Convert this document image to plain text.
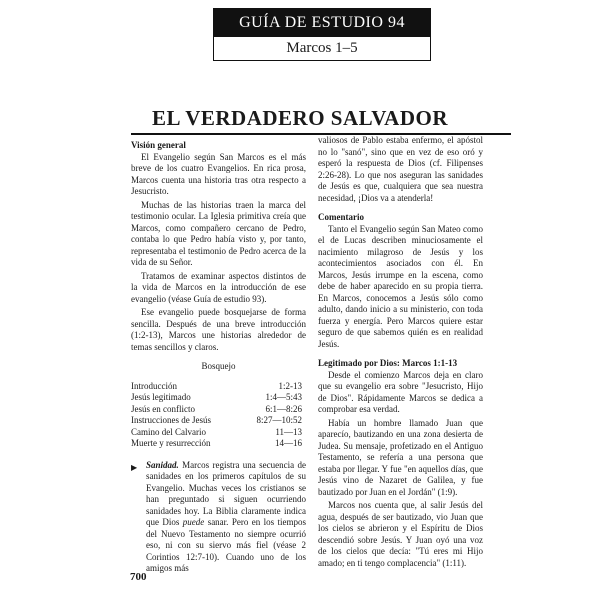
GUÍA DE ESTUDIO 94
Marcos 1–5
EL VERDADERO SALVADOR
Visión general
El Evangelio según San Marcos es el más breve de los cuatro Evangelios. En rica prosa, Marcos cuenta una historia tras otra respecto a Jesucristo.
Muchas de las historias traen la marca del testimonio ocular. La Iglesia primitiva creía que Marcos, como compañero cercano de Pedro, contaba lo que Pedro había visto y, por tanto, representaba el testimonio de Pedro acerca de la vida de su Señor.
Tratamos de examinar aspectos distintos de la vida de Marcos en la introducción de ese evangelio (véase Guía de estudio 93).
Ese evangelio puede bosquejarse de forma sencilla. Después de una breve introducción (1:2-13), Marcos une historias alrededor de temas sencillos y claros.
Bosquejo
Introducción	1:2-13
Jesús legitimado	1:4—5:43
Jesús en conflicto	6:1—8:26
Instrucciones de Jesús	8:27—10:52
Camino del Calvario	11—13
Muerte y resurrección	14—16
▶ Sanidad. Marcos registra una secuencia de sanidades en los primeros capítulos de su Evangelio. Muchas veces los cristianos se han preguntado si siguen ocurriendo sanidades hoy. La Biblia claramente indica que Dios puede sanar. Pero en los tiempos del Nuevo Testamento no siempre ocurrió eso, ni con su siervo más fiel (véase 2 Corintios 12:7-10). Cuando uno de los amigos más
valiosos de Pablo estaba enfermo, el apóstol no lo "sanó", sino que en vez de eso oró y esperó la respuesta de Dios (cf. Filipenses 2:26-28). Lo que nos aseguran las sanidades de Jesús es que, cualquiera que sea nuestra necesidad, ¡Dios va a atenderla!
Comentario
Tanto el Evangelio según San Mateo como el de Lucas describen minuciosamente el nacimiento milagroso de Jesús y los acontecimientos asociados con él. En Marcos, Jesús irrumpe en la escena, como debe de haber aparecido en su propia tierra. En Marcos, conocemos a Jesús sólo como adulto, dando inicio a su ministerio, con toda fuerza y energía. Pero Marcos quiere estar seguro de que sabemos quién es en realidad Jesús.
Legitimado por Dios: Marcos 1:1-13
Desde el comienzo Marcos deja en claro que su evangelio era sobre "Jesucristo, Hijo de Dios". Rápidamente Marcos se dedica a comprobar esa verdad.
Había un hombre llamado Juan que aparecío, bautizando en una zona desierta de Judea. Su mensaje, profetizado en el Antiguo Testamento, se refería a una persona que estaba por llegar. Y fue "en aquellos días, que Jesús vino de Nazaret de Galilea, y fue bautizado por Juan en el Jordán" (1:9).
Marcos nos cuenta que, al salir Jesús del agua, después de ser bautizado, vio Juan que los cielos se abrieron y el Espíritu de Dios descendió sobre Jesús. Y Juan oyó una voz de los cielos que decía: "Tú eres mi Hijo amado; en ti tengo complacencia" (1:11).
700
